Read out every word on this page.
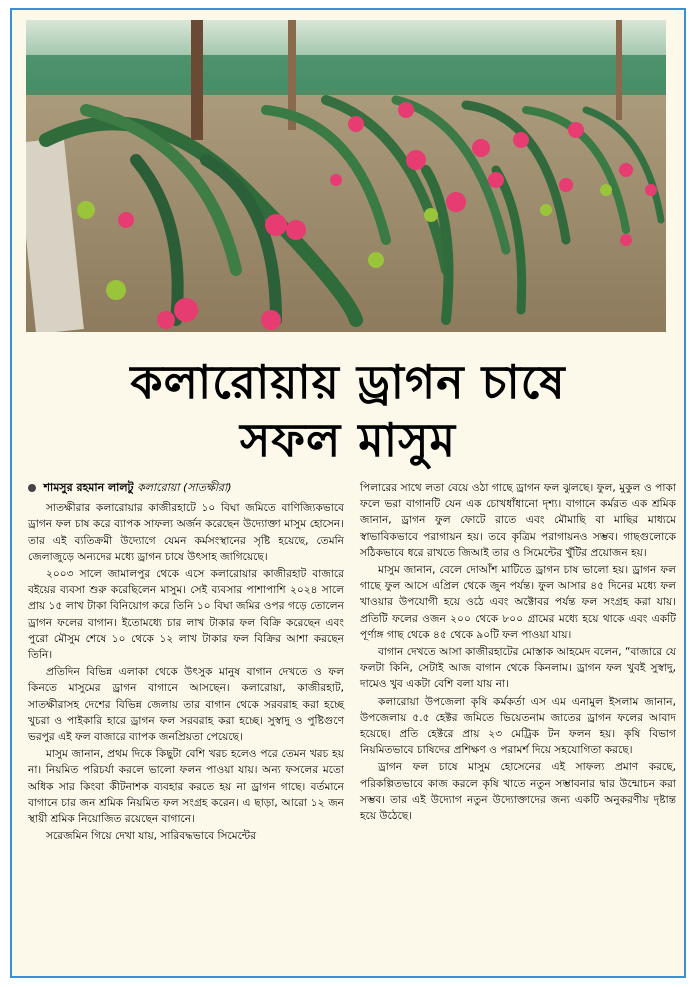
কলারোয়ায় ড্রাগন চাষে
সফল মাসুম
শামসুর রহমান লালটু কলারোয়া (সাতক্ষীরা)

সাতক্ষীরার কলারোয়ার কাজীরহাটে ১০ বিঘা জমিতে বাণিজ্যিকভাবে ড্রাগন ফল চাষ করে ব্যাপক সাফল্য অর্জন করেছেন উদ্যোক্তা মাসুম হোসেন। তার এই ব্যতিক্রমী উদ্যোগে যেমন কর্মসংস্থানের সৃষ্টি হয়েছে, তেমনি জেলাজুড়ে অন্যদের মধ্যে ড্রাগন চাষে উৎসাহ জাগিয়েছে।

২০০৩ সালে জামালপুর থেকে এসে কলারোয়ার কাজীরহাট বাজারে বইয়ের ব্যবসা শুরু করেছিলেন মাসুম। সেই ব্যবসার পাশাপাশি ২০২৪ সালে প্রায় ১৫ লাখ টাকা বিনিয়োগ করে তিনি ১০ বিঘা জমির ওপর গড়ে তোলেন ড্রাগন ফলের বাগান। ইতোমধ্যে চার লাখ টাকার ফল বিক্রি করেছেন এবং পুরো মৌসুম শেষে ১০ থেকে ১২ লাখ টাকার ফল বিক্রির আশা করছেন তিনি।

প্রতিদিন বিভিন্ন এলাকা থেকে উৎসুক মানুষ বাগান দেখতে ও ফল কিনতে মাসুমের ড্রাগন বাগানে আসছেন। কলারোয়া, কাজীরহাট, সাতক্ষীরাসহ দেশের বিভিন্ন জেলায় তার বাগান থেকে সরবরাহ করা হচ্ছে খুচরা ও পাইকারি হারে ড্রাগন ফল সরবরাহ করা হচ্ছে। সুস্বাদু ও পুষ্টিগুণে ভরপুর এই ফল বাজারে ব্যাপক জনপ্রিয়তা পেয়েছে।

মাসুম জানান, প্রথম দিকে কিছুটা বেশি খরচ হলেও পরে তেমন খরচ হয় না। নিয়মিত পরিচর্যা করলে ভালো ফলন পাওয়া যায়। অন্য ফসলের মতো অধিক সার কিংবা কীটনাশক ব্যবহার করতে হয় না ড্রাগন গাছে। বর্তমানে বাগানে চার জন শ্রমিক নিয়মিত ফল সংগ্রহ করেন। এ ছাড়া, আরো ১২ জন স্থায়ী শ্রমিক নিয়োজিত রয়েছেন বাগানে।

সরেজমিন গিয়ে দেখা যায়, সারিবদ্ধভাবে সিমেন্টের

পিলারের সাথে লতা বেয়ে ওঠা গাছে ড্রাগন ফল ঝুলছে। ফুল, মুকুল ও পাকা ফলে ভরা বাগানটি যেন এক চোখধাঁধানো দৃশ্য। বাগানে কর্মরত এক শ্রমিক জানান, ড্রাগন ফুল ফোটে রাতে এবং মৌমাছি বা মাছির মাধ্যমে স্বাভাবিকভাবে পরাগায়ন হয়। তবে কৃত্রিম পরাগায়নও সম্ভব। গাছগুলোকে সঠিকভাবে ধরে রাখতে জিআই তার ও সিমেন্টের খুঁটির প্রয়োজন হয়।

মাসুম জানান, বেলে দোআঁশ মাটিতে ড্রাগন চাষ ভালো হয়। ড্রাগন ফল গাছে ফুল আসে এপ্রিল থেকে জুন পর্যন্ত। ফুল আসার ৪৫ দিনের মধ্যে ফল খাওয়ার উপযোগী হয়ে ওঠে এবং অক্টোবর পর্যন্ত ফল সংগ্রহ করা যায়। প্রতিটি ফলের ওজন ২০০ থেকে ৮০০ গ্রামের মধ্যে হয়ে থাকে এবং একটি পূর্ণাঙ্গ গাছ থেকে ৪৫ থেকে ৯০টি ফল পাওয়া যায়।

বাগান দেখতে আসা কাজীরহাটের মোস্তাক আহমেদ বলেন, “বাজারে যে ফলটা কিনি, সেটাই আজ বাগান থেকে কিনলাম। ড্রাগন ফল খুবই সুস্বাদু, দামেও খুব একটা বেশি বলা যায় না।

কলারোয়া উপজেলা কৃষি কর্মকর্তা এস এম এনামুল ইসলাম জানান, উপজেলায় ৫.৫ হেক্টর জমিতে ভিয়েতনাম জাতের ড্রাগন ফলের আবাদ হয়েছে। প্রতি হেক্টরে প্রায় ২৩ মেট্রিক টন ফলন হয়। কৃষি বিভাগ নিয়মিতভাবে চাষিদের প্রশিক্ষণ ও পরামর্শ দিয়ে সহযোগিতা করছে।

ড্রাগন ফল চাষে মাসুম হোসেনের এই সাফল্য প্রমাণ করছে, পরিকল্পিতভাবে কাজ করলে কৃষি খাতে নতুন সম্ভাবনার দ্বার উন্মোচন করা সম্ভব। তার এই উদ্যোগ নতুন উদ্যোক্তাদের জন্য একটি অনুকরণীয় দৃষ্টান্ত হয়ে উঠেছে।
